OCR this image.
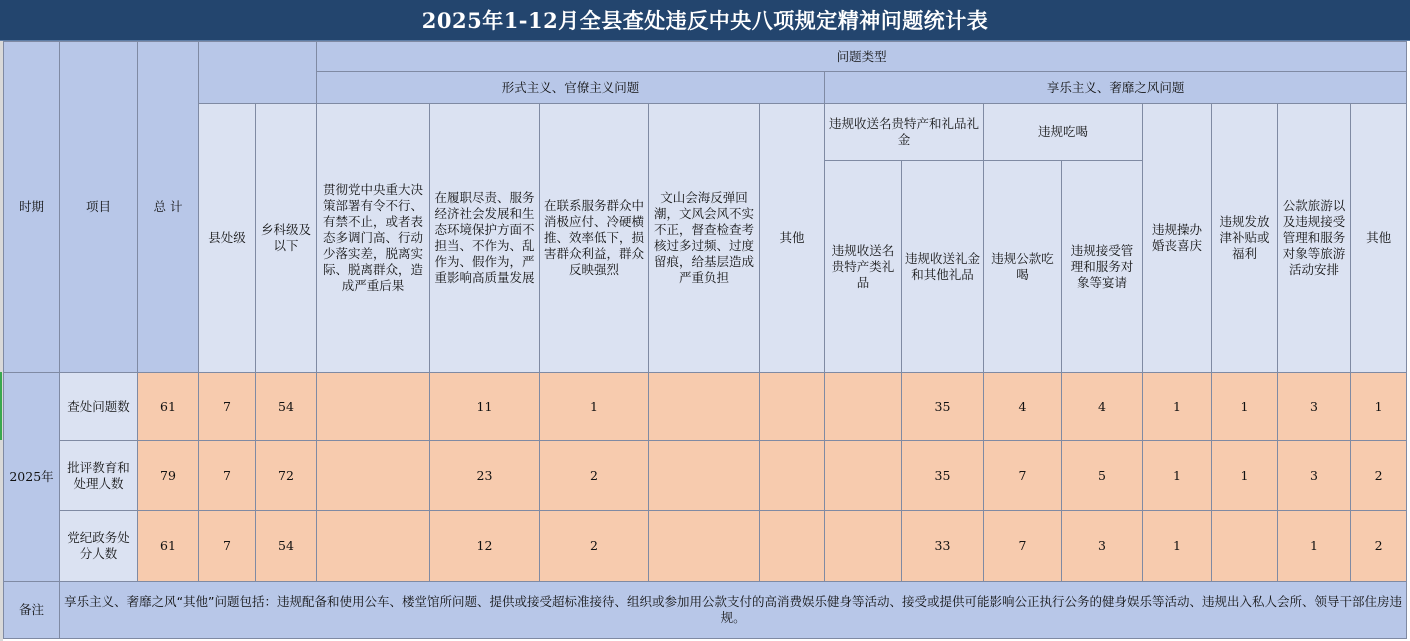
2025年1-12月全县查处违反中央八项规定精神问题统计表
时期	项目	总 计			问题类型												
					形式主义、官僚主义问题					享乐主义、奢靡之风问题							
			县处级	乡科级及以下	贯彻党中央重大决策部署有令不行、有禁不止，或者表态多调门高、行动少落实差，脱离实际、脱离群众，造成严重后果	在履职尽责、服务经济社会发展和生态环境保护方面不担当、不作为、乱作为、假作为，严重影响高质量发展	在联系服务群众中消极应付、冷硬横推、效率低下，损害群众利益，群众反映强烈	文山会海反弹回潮，文风会风不实不正，督查检查考核过多过频、过度留痕，给基层造成严重负担	其他	违规收送名贵特产和礼品礼金		违规吃喝		违规操办婚丧喜庆	违规发放津补贴或福利	公款旅游以及违规接受管理和服务对象等旅游活动安排	其他
										违规收送名贵特产类礼品	违规收送礼金和其他礼品	违规公款吃喝	违规接受管理和服务对象等宴请				
2025年	查处问题数	61	7	54		11	1				35	4	4	1	1	3	1
	批评教育和处理人数	79	7	72		23	2				35	7	5	1	1	3	2
	党纪政务处分人数	61	7	54		12	2				33	7	3	1		1	2
备注	享乐主义、奢靡之风“其他”问题包括：违规配备和使用公车、楼堂馆所问题、提供或接受超标准接待、组织或参加用公款支付的高消费娱乐健身等活动、接受或提供可能影响公正执行公务的健身娱乐等活动、违规出入私人会所、领导干部住房违规。																
